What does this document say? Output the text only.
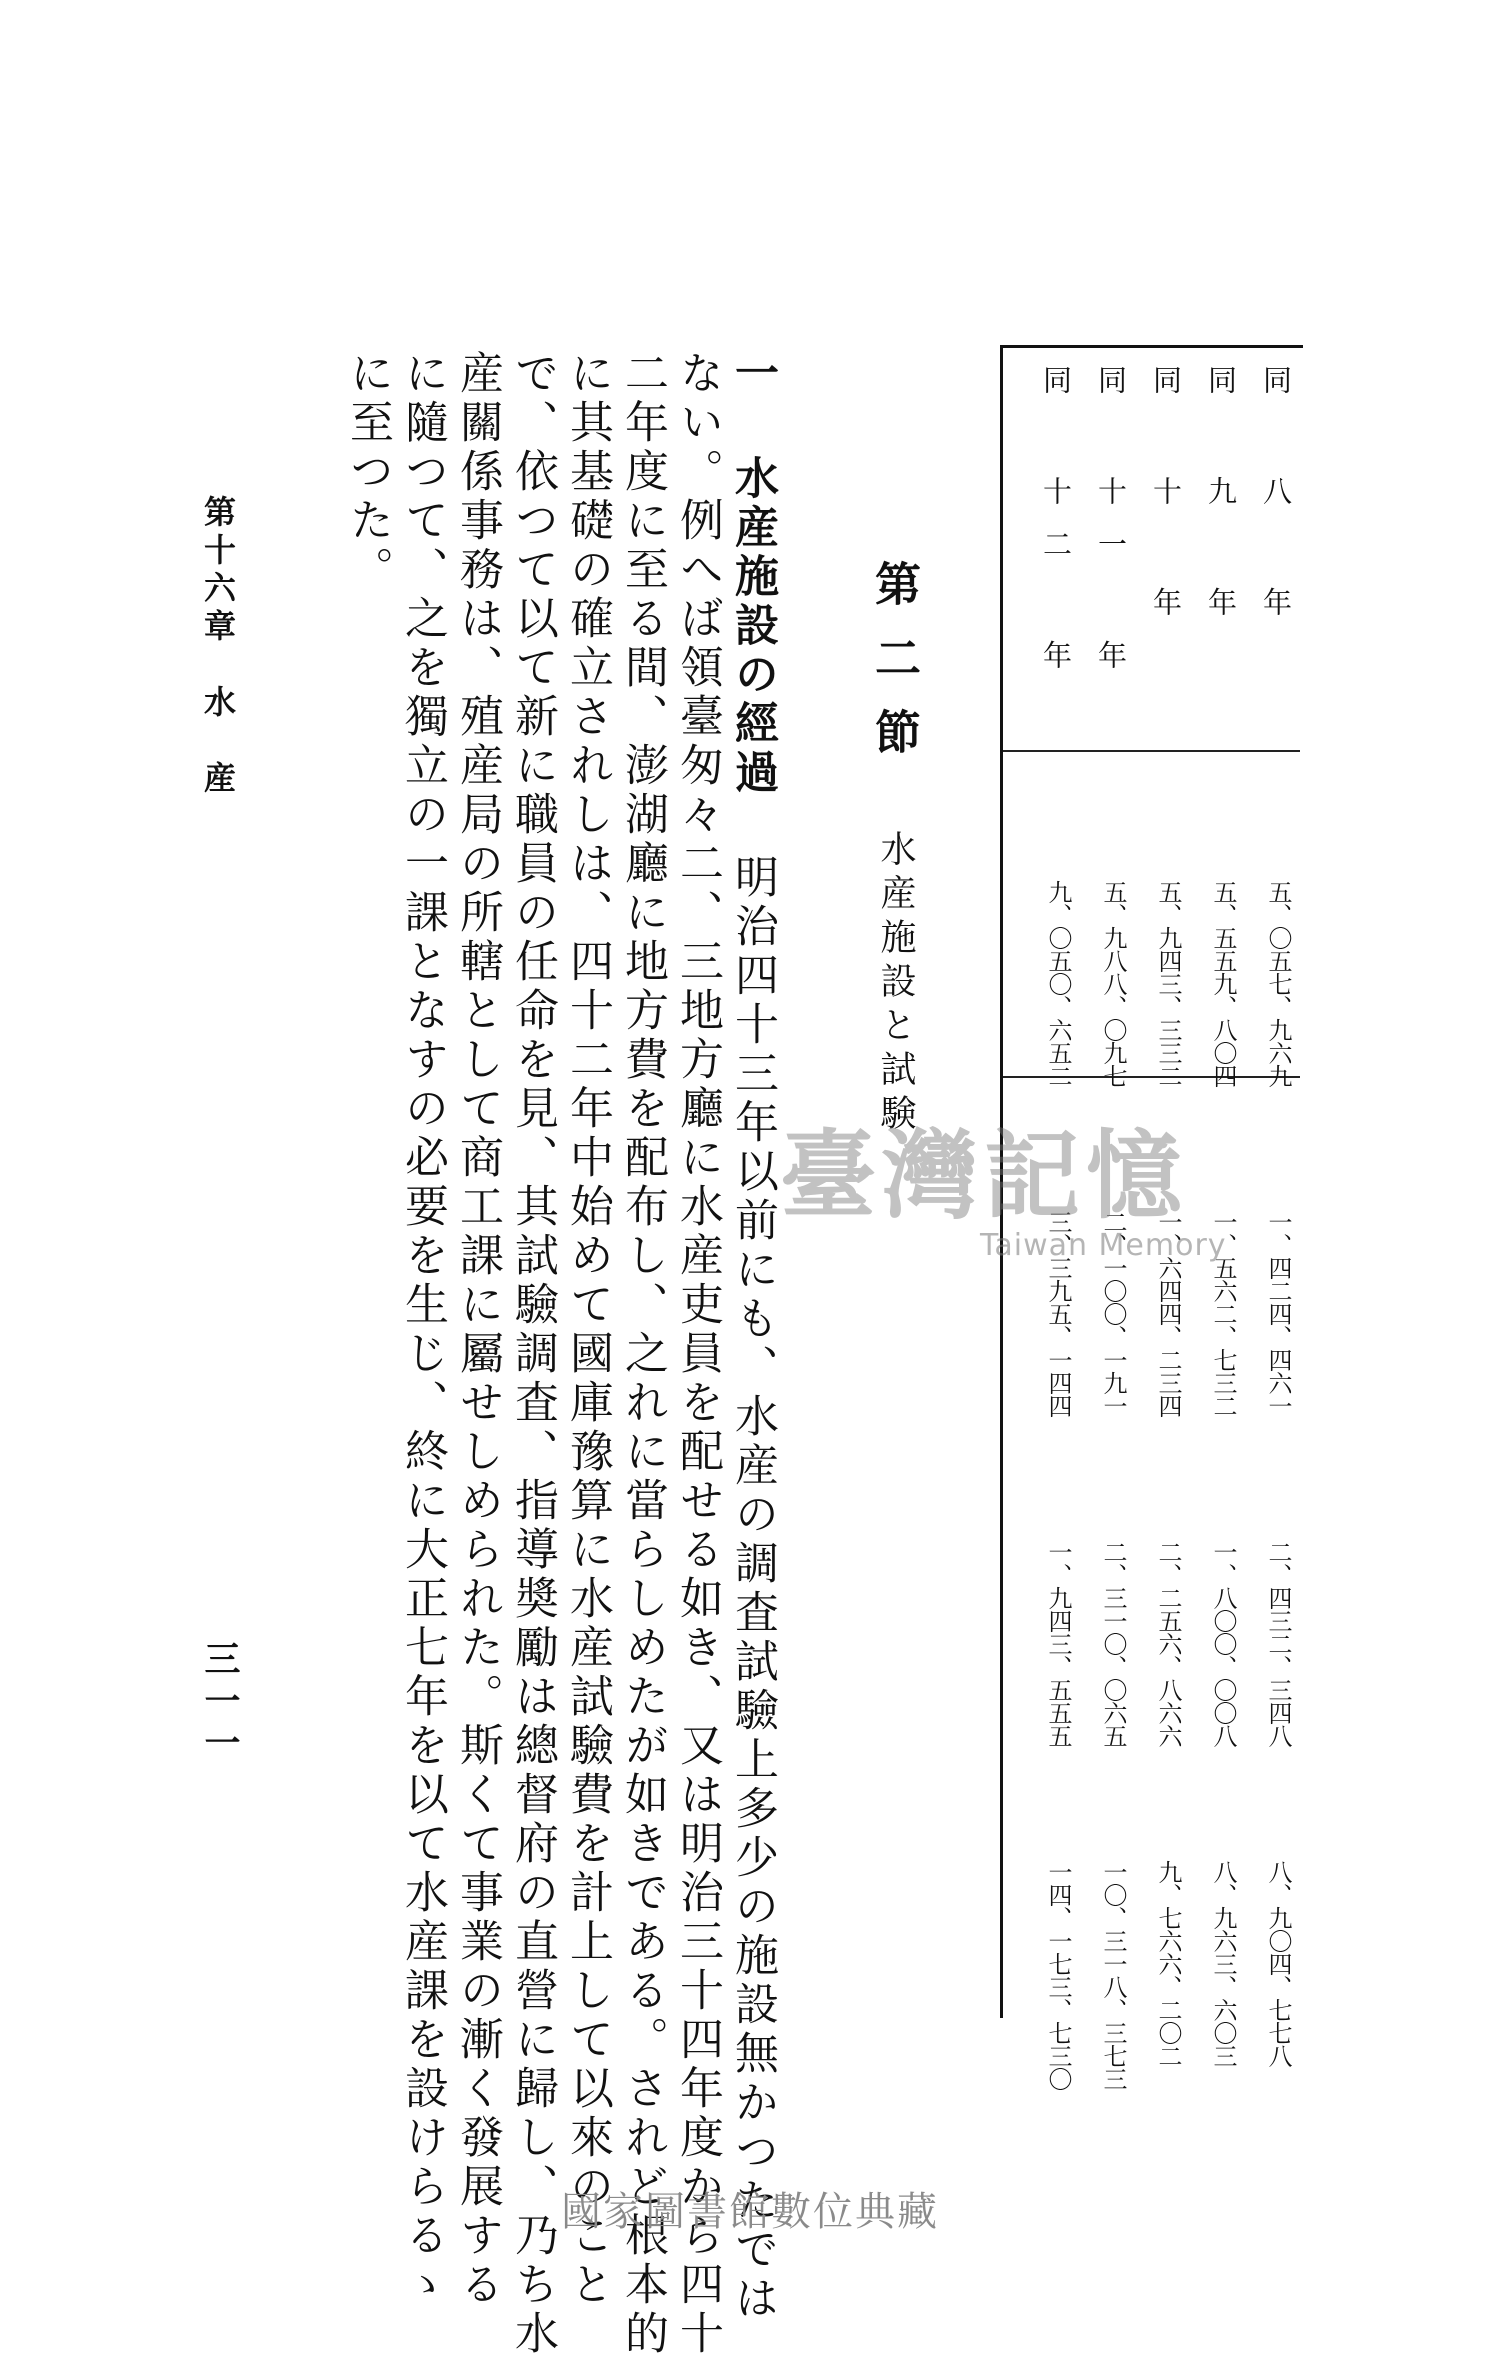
同 八 年
五、〇五七、九六九
一、四二四、四六一
二、四三二、三四八
八、九〇四、七七八
同 九 年
五、五五九、八〇四
一、五六二、七三二
一、八〇〇、〇〇八
八、九六三、六〇三
同 十 年
五、九四三、三三二
一、六四四、二三四
二、二五六、八六六
九、七六六、二〇二
同 十一 年
五、九八八、〇九七
二、一〇〇、一九一
二、三一〇、〇六五
一〇、三一八、三七三
同 十二 年
九、〇五〇、六五二
三、三九五、一四四
一、九四三、五五五
一四、一七三、七三〇
第二節
水産施設と試験
一 水産施設の經過 明治四十三年以前にも、水産の調査試驗上多少の施設無かつたでは
ない。例へば領臺匆々二、三地方廳に水産吏員を配せる如き、又は明治三十四年度から四十
二年度に至る間、澎湖廳に地方費を配布し、之れに當らしめたが如きである。されど根本的
に其基礎の確立されしは、四十二年中始めて國庫豫算に水産試驗費を計上して以來のこと
で、依つて以て新に職員の任命を見、其試驗調査、指導奬勵は總督府の直營に歸し、乃ち水
産關係事務は、殖産局の所轄として商工課に屬せしめられた。斯くて事業の漸く發展する
に隨つて、之を獨立の一課となすの必要を生じ、終に大正七年を以て水産課を設けらるゝ
に至つた。
第十六章　水　産
三一一
臺灣記憶
Taiwan Memory
國家圖書館數位典藏
